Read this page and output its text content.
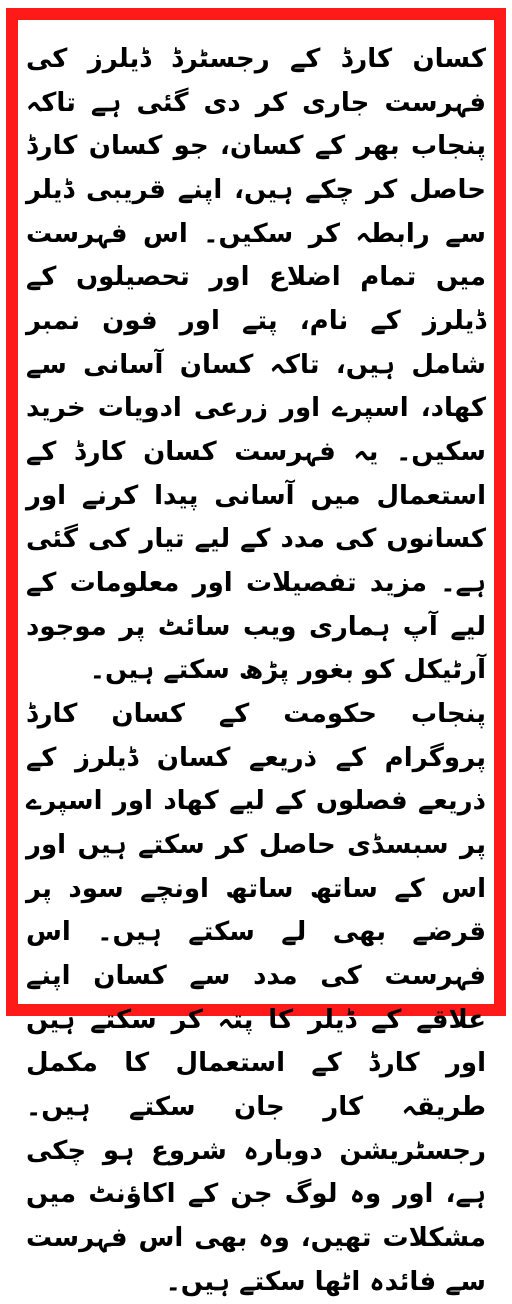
کسان کارڈ کے رجسٹرڈ ڈیلرز کی فہرست جاری کر دی گئی ہے تاکہ پنجاب بھر کے کسان، جو کسان کارڈ حاصل کر چکے ہیں، اپنے قریبی ڈیلر سے رابطہ کر سکیں۔ اس فہرست میں تمام اضلاع اور تحصیلوں کے ڈیلرز کے نام، پتے اور فون نمبر شامل ہیں، تاکہ کسان آسانی سے کھاد، اسپرے اور زرعی ادویات خرید سکیں۔ یہ فہرست کسان کارڈ کے استعمال میں آسانی پیدا کرنے اور کسانوں کی مدد کے لیے تیار کی گئی ہے۔ مزید تفصیلات اور معلومات کے لیے آپ ہماری ویب سائٹ پر موجود آرٹیکل کو بغور پڑھ سکتے ہیں۔

پنجاب حکومت کے کسان کارڈ پروگرام کے ذریعے کسان ڈیلرز کے ذریعے فصلوں کے لیے کھاد اور اسپرے پر سبسڈی حاصل کر سکتے ہیں اور اس کے ساتھ ساتھ اونچے سود پر قرضے بھی لے سکتے ہیں۔ اس فہرست کی مدد سے کسان اپنے علاقے کے ڈیلر کا پتہ کر سکتے ہیں اور کارڈ کے استعمال کا مکمل طریقہ کار جان سکتے ہیں۔ رجسٹریشن دوبارہ شروع ہو چکی ہے، اور وہ لوگ جن کے اکاؤنٹ میں مشکلات تھیں، وہ بھی اس فہرست سے فائدہ اٹھا سکتے ہیں۔
